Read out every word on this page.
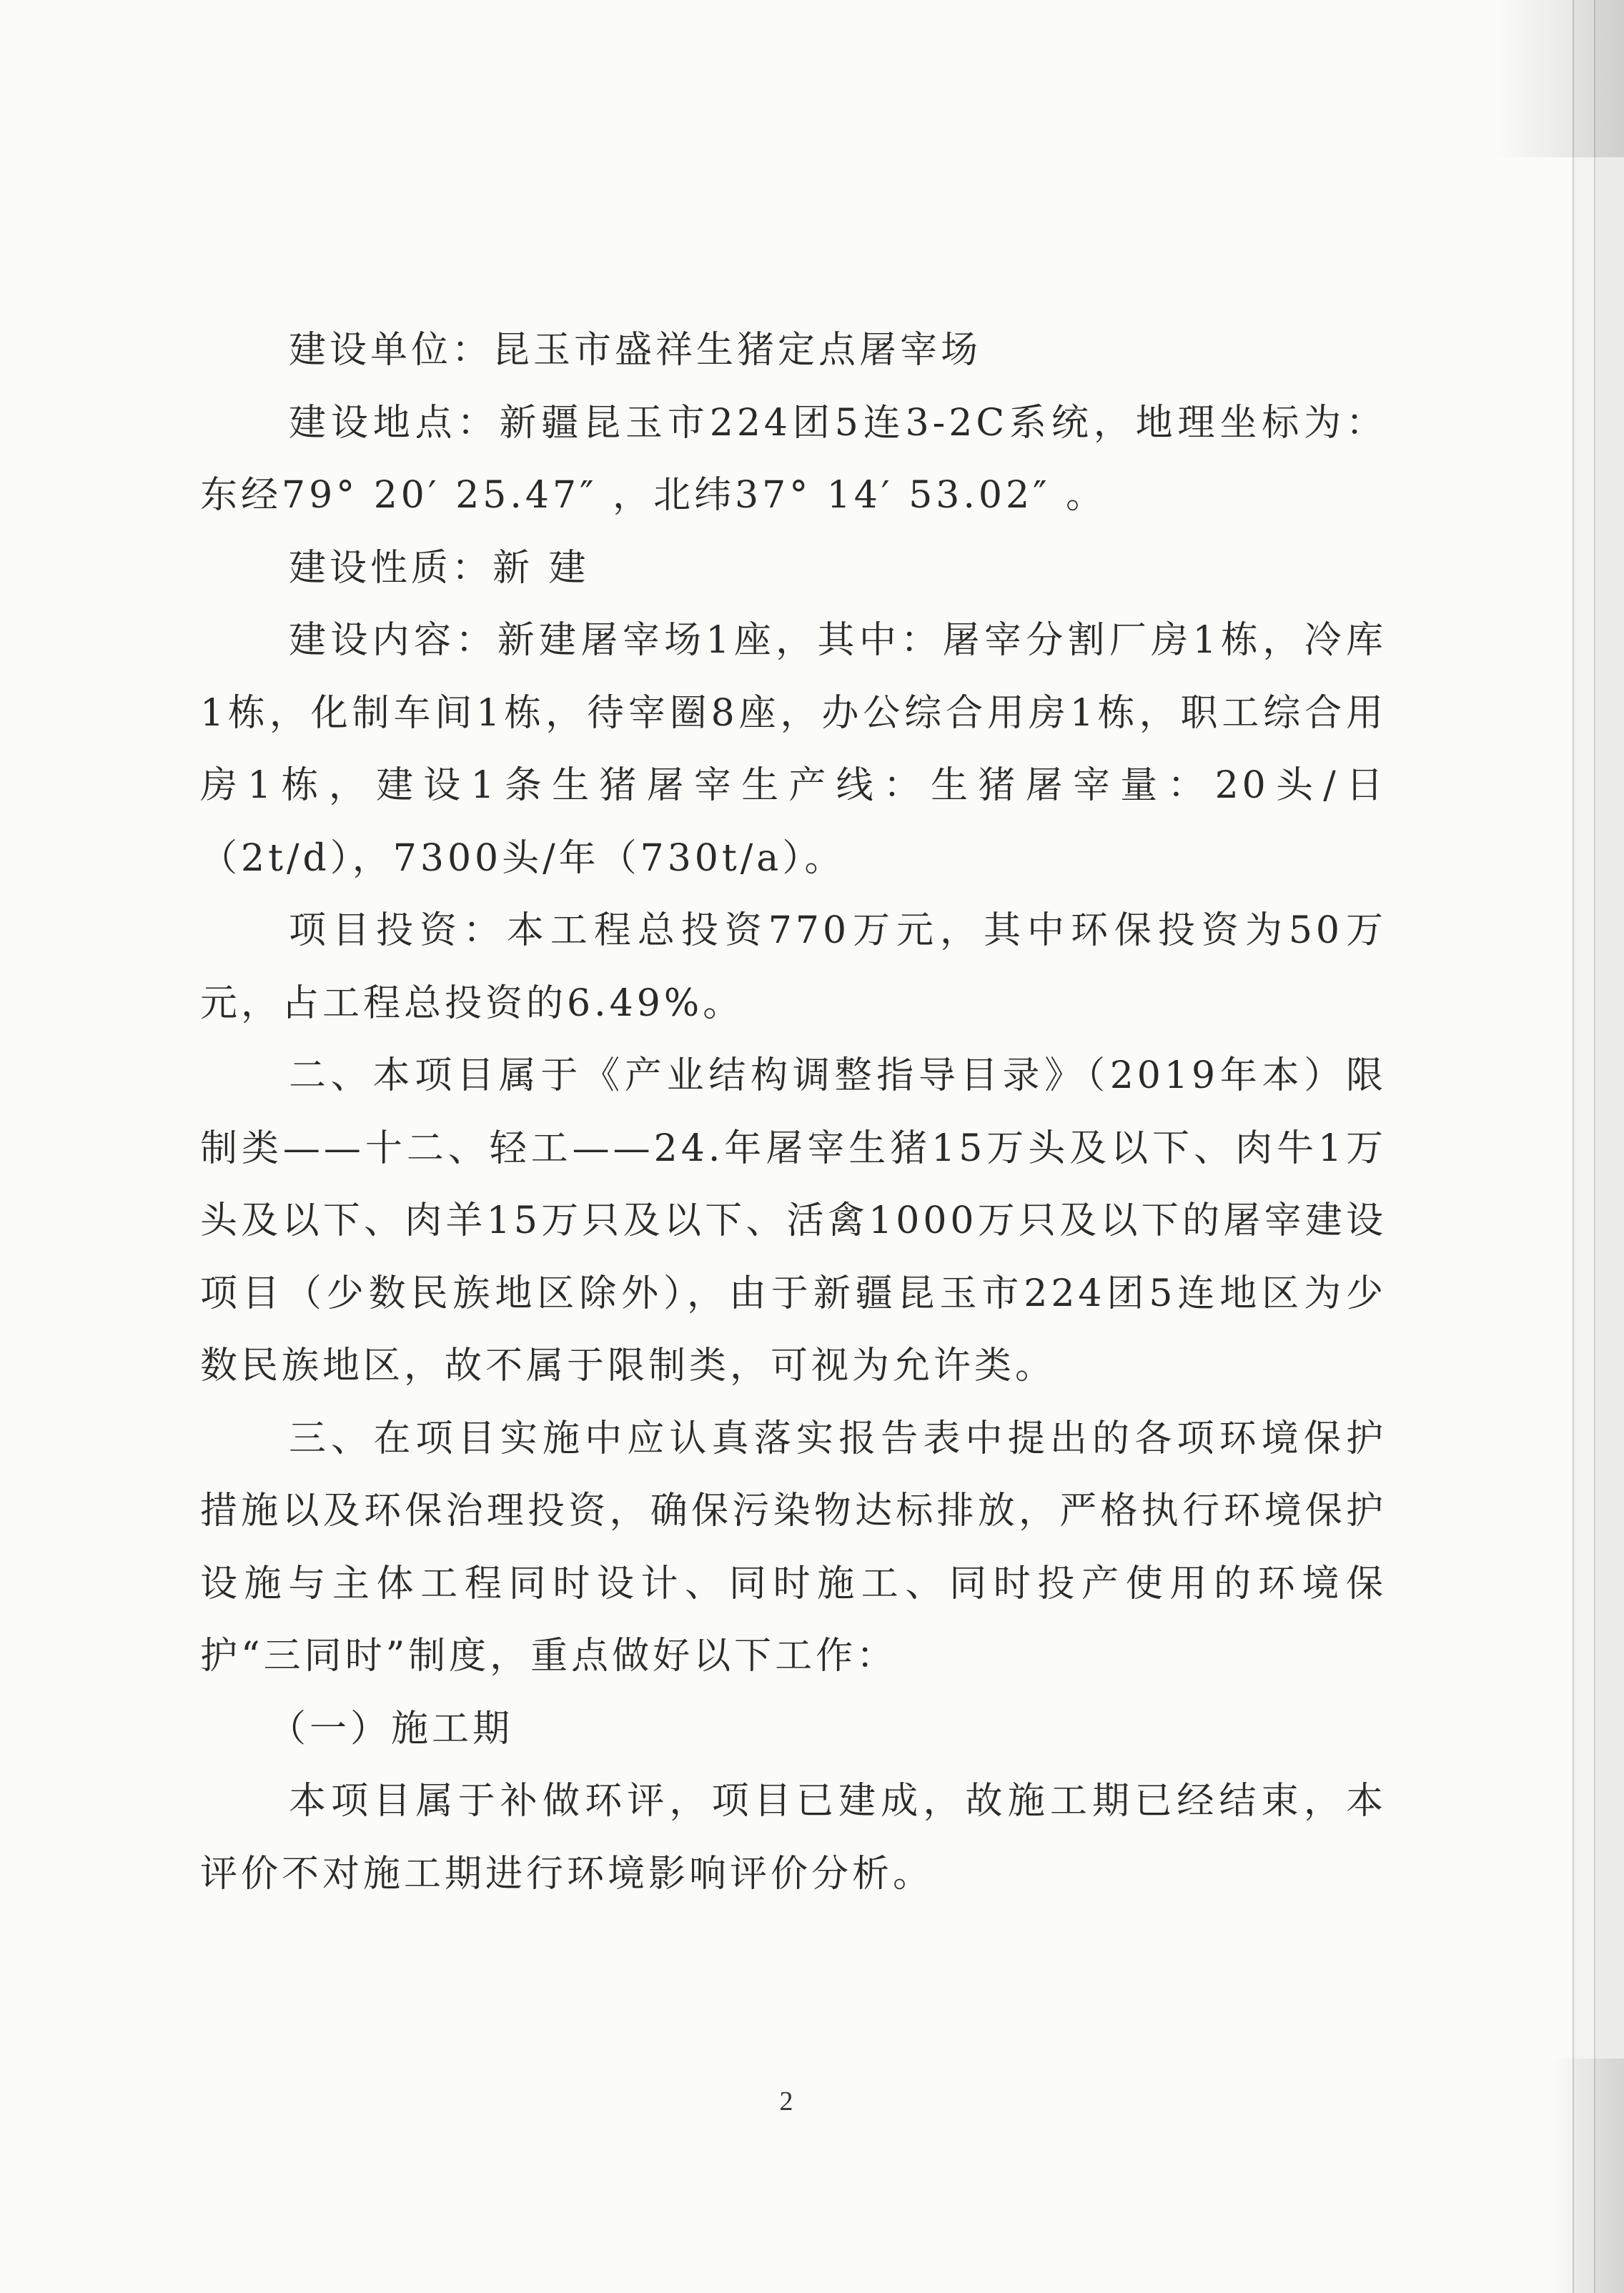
建设单位：昆玉市盛祥生猪定点屠宰场

建设地点：新疆昆玉市224团5连3-2C系统，地理坐标为：东经79° 20′ 25.47″ ，北纬37° 14′ 53.02″ 。

建设性质：新 建

建设内容：新建屠宰场1座，其中：屠宰分割厂房1栋，冷库1栋，化制车间1栋，待宰圈8座，办公综合用房1栋，职工综合用房1栋，建设1条生猪屠宰生产线：生猪屠宰量：20头/日（2t/d），7300头/年（730t/a）。

项目投资：本工程总投资770万元，其中环保投资为50万元，占工程总投资的6.49%。

二、本项目属于《产业结构调整指导目录》（2019年本）限制类——十二、轻工——24.年屠宰生猪15万头及以下、肉牛1万头及以下、肉羊15万只及以下、活禽1000万只及以下的屠宰建设项目（少数民族地区除外），由于新疆昆玉市224团5连地区为少数民族地区，故不属于限制类，可视为允许类。

三、在项目实施中应认真落实报告表中提出的各项环境保护措施以及环保治理投资，确保污染物达标排放，严格执行环境保护设施与主体工程同时设计、同时施工、同时投产使用的环境保护“三同时”制度，重点做好以下工作：

（一）施工期

本项目属于补做环评，项目已建成，故施工期已经结束，本评价不对施工期进行环境影响评价分析。

2
